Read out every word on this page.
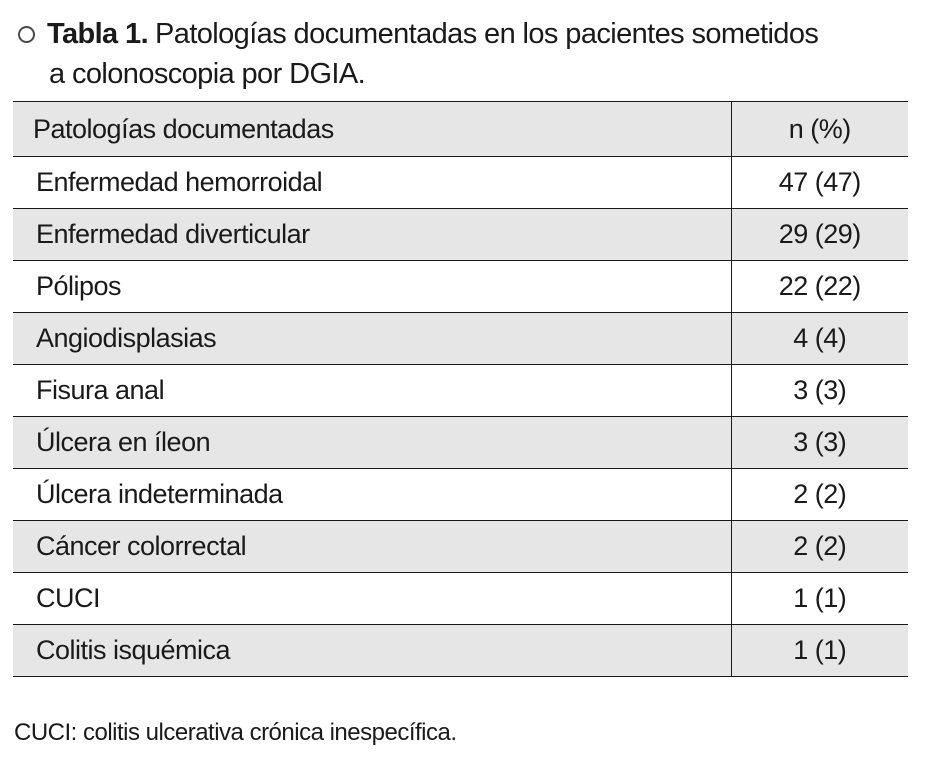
Tabla 1. Patologías documentadas en los pacientes sometidos
a colonoscopia por DGIA.
Patologías documentadas	n (%)
Enfermedad hemorroidal	47 (47)
Enfermedad diverticular	29 (29)
Pólipos	22 (22)
Angiodisplasias	4 (4)
Fisura anal	3 (3)
Úlcera en íleon	3 (3)
Úlcera indeterminada	2 (2)
Cáncer colorrectal	2 (2)
CUCI	1 (1)
Colitis isquémica	1 (1)
CUCI: colitis ulcerativa crónica inespecífica.
